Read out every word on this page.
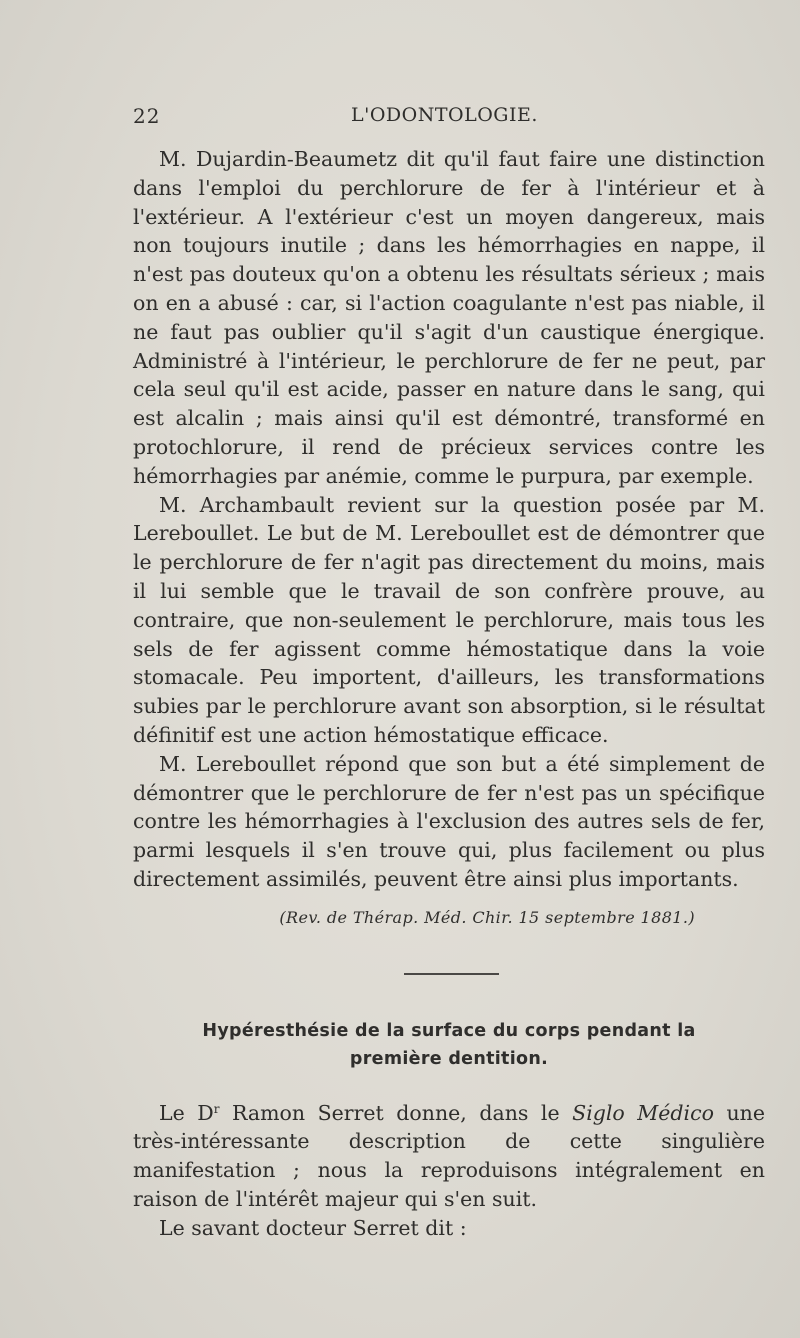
22	L'ODONTOLOGIE.

M. Dujardin-Beaumetz dit qu'il faut faire une distinction dans l'emploi du perchlorure de fer à l'intérieur et à l'extérieur. A l'extérieur c'est un moyen dangereux, mais non toujours inutile ; dans les hémorrhagies en nappe, il n'est pas douteux qu'on a obtenu les résultats sérieux ; mais on en a abusé : car, si l'action coagulante n'est pas niable, il ne faut pas oublier qu'il s'agit d'un caustique énergique. Administré à l'intérieur, le perchlorure de fer ne peut, par cela seul qu'il est acide, passer en nature dans le sang, qui est alcalin ; mais ainsi qu'il est démontré, transformé en protochlorure, il rend de précieux services contre les hémorrhagies par anémie, comme le purpura, par exemple.

M. Archambault revient sur la question posée par M. Lereboullet. Le but de M. Lereboullet est de démontrer que le perchlorure de fer n'agit pas directement du moins, mais il lui semble que le travail de son confrère prouve, au contraire, que non-seulement le perchlorure, mais tous les sels de fer agissent comme hémostatique dans la voie stomacale. Peu importent, d'ailleurs, les transformations subies par le perchlorure avant son absorption, si le résultat définitif est une action hémostatique efficace.

M. Lereboullet répond que son but a été simplement de démontrer que le perchlorure de fer n'est pas un spécifique contre les hémorrhagies à l'exclusion des autres sels de fer, parmi lesquels il s'en trouve qui, plus facilement ou plus directement assimilés, peuvent être ainsi plus importants.

(Rev. de Thérap. Méd. Chir. 15 septembre 1881.)
Hypéresthésie de la surface du corps pendant la
première dentition.

Le $D^r$ Ramon Serret donne, dans le Siglo Médico une très-intéressante description de cette singulière manifestation ; nous la reproduisons intégralement en raison de l'intérêt majeur qui s'en suit.

Le savant docteur Serret dit :
